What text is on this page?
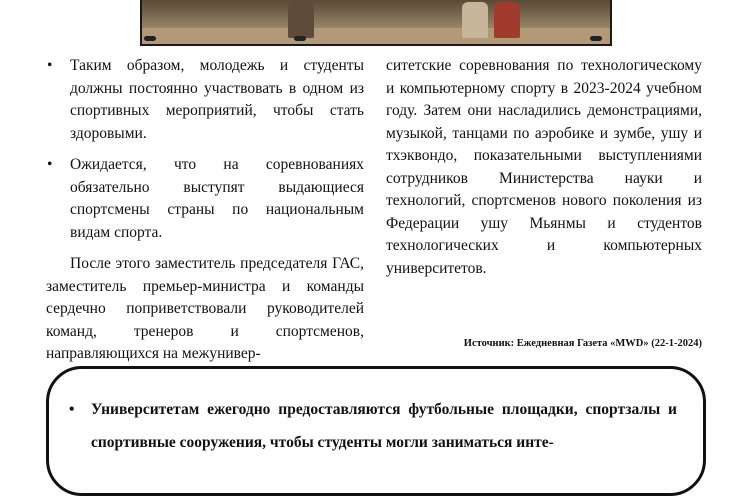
• Таким образом, молодежь и студенты должны постоянно участвовать в одном из спортивных мероприятий, чтобы стать здоровыми.
• Ожидается, что на соревнованиях обязательно выступят выдающиеся спортсмены страны по национальным видам спорта.

После этого заместитель председателя ГАС, заместитель премьер-министра и команды сердечно поприветствовали руководителей команд, тренеров и спортсменов, направляющихся на межунивер-

ситетские соревнования по технологическому и компьютерному спорту в 2023-2024 учебном году. Затем они насладились демонстрациями, музыкой, танцами по аэробике и зумбе, ушу и тхэквондо, показательными выступлениями сотрудников Министерства науки и технологий, спортсменов нового поколения из Федерации ушу Мьянмы и студентов технологических и компьютерных университетов.

Источник: Ежедневная Газета «MWD» (22-1-2024)
•	Университетам ежегодно предоставляются футбольные площадки, спортзалы и спортивные сооружения, чтобы студенты могли заниматься инте-
